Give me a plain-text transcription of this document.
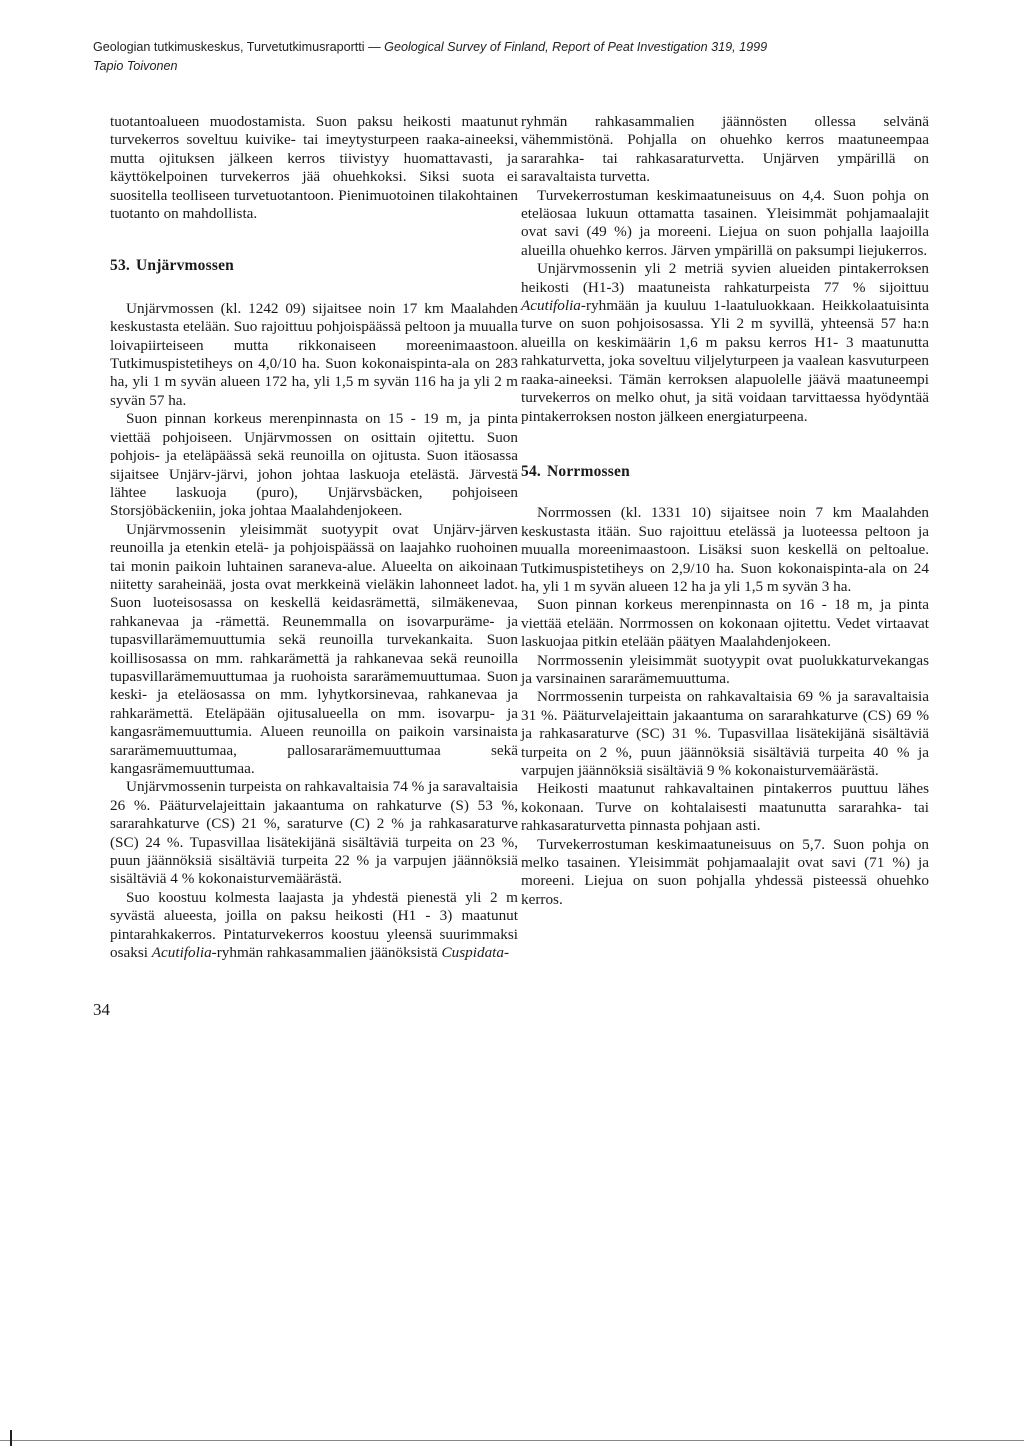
Geologian tutkimuskeskus, Turvetutkimusraportti — Geological Survey of Finland, Report of Peat Investigation 319, 1999
Tapio Toivonen

tuotantoalueen muodostamista. Suon paksu heikosti maatunut turvekerros soveltuu kuivike- tai imeytysturpeen raaka-aineeksi, mutta ojituksen jälkeen kerros tiivistyy huomattavasti, ja käyttökelpoinen turvekerros jää ohuehkoksi. Siksi suota ei suositella teolliseen turvetuotantoon. Pienimuotoinen tilakohtainen tuotanto on mahdollista.

53. Unjärvmossen

Unjärvmossen (kl. 1242 09) sijaitsee noin 17 km Maalahden keskustasta etelään. Suo rajoittuu pohjoispäässä peltoon ja muualla loivapiirteiseen mutta rikkonaiseen moreenimaastoon. Tutkimuspistetiheys on 4,0/10 ha. Suon kokonaispinta-ala on 283 ha, yli 1 m syvän alueen 172 ha, yli 1,5 m syvän 116 ha ja yli 2 m syvän 57 ha.

Suon pinnan korkeus merenpinnasta on 15 - 19 m, ja pinta viettää pohjoiseen. Unjärvmossen on osittain ojitettu. Suon pohjois- ja eteläpäässä sekä reunoilla on ojitusta. Suon itäosassa sijaitsee Unjärv-järvi, johon johtaa laskuoja etelästä. Järvestä lähtee laskuoja (puro), Unjärvsbäcken, pohjoiseen Storsjöbäckeniin, joka johtaa Maalahdenjokeen.

Unjärvmossenin yleisimmät suotyypit ovat Unjärv-järven reunoilla ja etenkin etelä- ja pohjoispäässä on laajahko ruohoinen tai monin paikoin luhtainen saraneva-alue. Alueelta on aikoinaan niitetty saraheinää, josta ovat merkkeinä vieläkin lahonneet ladot. Suon luoteisosassa on keskellä keidasrämettä, silmäkenevaa, rahkanevaa ja -rämettä. Reunemmalla on isovarpuräme- ja tupasvillarämemuuttumia sekä reunoilla turvekankaita. Suon koillisosassa on mm. rahkarämettä ja rahkanevaa sekä reunoilla tupasvillarämemuuttumaa ja ruohoista sararämemuuttumaa. Suon keski- ja eteläosassa on mm. lyhytkorsinevaa, rahkanevaa ja rahkarämettä. Eteläpään ojitusalueella on mm. isovarpu- ja kangasrämemuuttumia. Alueen reunoilla on paikoin varsinaista sararämemuuttumaa, pallosararämemuuttumaa sekä kangasrämemuuttumaa.

Unjärvmossenin turpeista on rahkavaltaisia 74 % ja saravaltaisia 26 %. Pääturvelajeittain jakaantuma on rahkaturve (S) 53 %, sararahkaturve (CS) 21 %, saraturve (C) 2 % ja rahkasaraturve (SC) 24 %. Tupasvillaa lisätekijänä sisältäviä turpeita on 23 %, puun jäännöksiä sisältäviä turpeita 22 % ja varpujen jäännöksiä sisältäviä 4 % kokonaisturvemäärästä.

Suo koostuu kolmesta laajasta ja yhdestä pienestä yli 2 m syvästä alueesta, joilla on paksu heikosti (H1 - 3) maatunut pintarahkakerros. Pintaturvekerros koostuu yleensä suurimmaksi osaksi Acutifolia-ryhmän rahkasammalien jäänöksistä Cuspidata-

ryhmän rahkasammalien jäännösten ollessa selvänä vähemmistönä. Pohjalla on ohuehko kerros maatuneempaa sararahka- tai rahkasaraturvetta. Unjärven ympärillä on saravaltaista turvetta.

Turvekerrostuman keskimaatuneisuus on 4,4. Suon pohja on eteläosaa lukuun ottamatta tasainen. Yleisimmät pohjamaalajit ovat savi (49 %) ja moreeni. Liejua on suon pohjalla laajoilla alueilla ohuehko kerros. Järven ympärillä on paksumpi liejukerros.

Unjärvmossenin yli 2 metriä syvien alueiden pintakerroksen heikosti (H1-3) maatuneista rahkaturpeista 77 % sijoittuu Acutifolia-ryhmään ja kuuluu 1-laatuluokkaan. Heikkolaatuisinta turve on suon pohjoisosassa. Yli 2 m syvillä, yhteensä 57 ha:n alueilla on keskimäärin 1,6 m paksu kerros H1- 3 maatunutta rahkaturvetta, joka soveltuu viljelyturpeen ja vaalean kasvuturpeen raaka-aineeksi. Tämän kerroksen alapuolelle jäävä maatuneempi turvekerros on melko ohut, ja sitä voidaan tarvittaessa hyödyntää pintakerroksen noston jälkeen energiaturpeena.

54. Norrmossen

Norrmossen (kl. 1331 10) sijaitsee noin 7 km Maalahden keskustasta itään. Suo rajoittuu etelässä ja luoteessa peltoon ja muualla moreenimaastoon. Lisäksi suon keskellä on peltoalue. Tutkimuspistetiheys on 2,9/10 ha. Suon kokonaispinta-ala on 24 ha, yli 1 m syvän alueen 12 ha ja yli 1,5 m syvän 3 ha.

Suon pinnan korkeus merenpinnasta on 16 - 18 m, ja pinta viettää etelään. Norrmossen on kokonaan ojitettu. Vedet virtaavat laskuojaa pitkin etelään päätyen Maalahdenjokeen.

Norrmossenin yleisimmät suotyypit ovat puolukkaturvekangas ja varsinainen sararämemuuttuma.

Norrmossenin turpeista on rahkavaltaisia 69 % ja saravaltaisia 31 %. Pääturvelajeittain jakaantuma on sararahkaturve (CS) 69 % ja rahkasaraturve (SC) 31 %. Tupasvillaa lisätekijänä sisältäviä turpeita on 2 %, puun jäännöksiä sisältäviä turpeita 40 % ja varpujen jäännöksiä sisältäviä 9 % kokonaisturvemäärästä.

Heikosti maatunut rahkavaltainen pintakerros puuttuu lähes kokonaan. Turve on kohtalaisesti maatunutta sararahka- tai rahkasaraturvetta pinnasta pohjaan asti.

Turvekerrostuman keskimaatuneisuus on 5,7. Suon pohja on melko tasainen. Yleisimmät pohjamaalajit ovat savi (71 %) ja moreeni. Liejua on suon pohjalla yhdessä pisteessä ohuehko kerros.

34
